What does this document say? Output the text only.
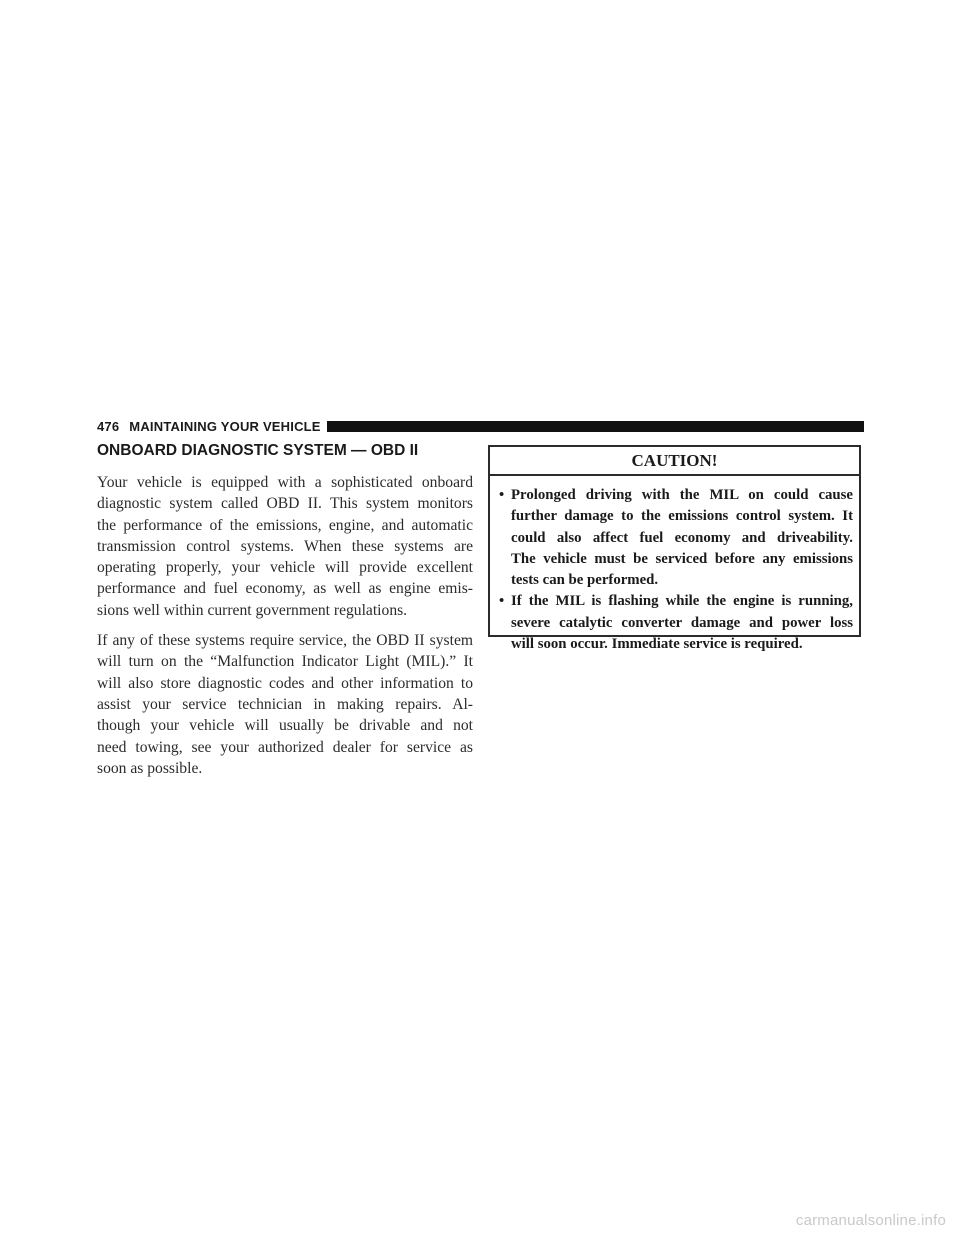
476 MAINTAINING YOUR VEHICLE
ONBOARD DIAGNOSTIC SYSTEM — OBD II

Your vehicle is equipped with a sophisticated onboard
diagnostic system called OBD II. This system monitors
the performance of the emissions, engine, and automatic
transmission control systems. When these systems are
operating properly, your vehicle will provide excellent
performance and fuel economy, as well as engine emis-
sions well within current government regulations.

If any of these systems require service, the OBD II system
will turn on the “Malfunction Indicator Light (MIL).” It
will also store diagnostic codes and other information to
assist your service technician in making repairs. Al-
though your vehicle will usually be drivable and not
need towing, see your authorized dealer for service as
soon as possible.

CAUTION!
• Prolonged driving with the MIL on could cause
further damage to the emissions control system. It
could also affect fuel economy and driveability.
The vehicle must be serviced before any emissions
tests can be performed.
• If the MIL is flashing while the engine is running,
severe catalytic converter damage and power loss
will soon occur. Immediate service is required.
carmanualsonline.info
